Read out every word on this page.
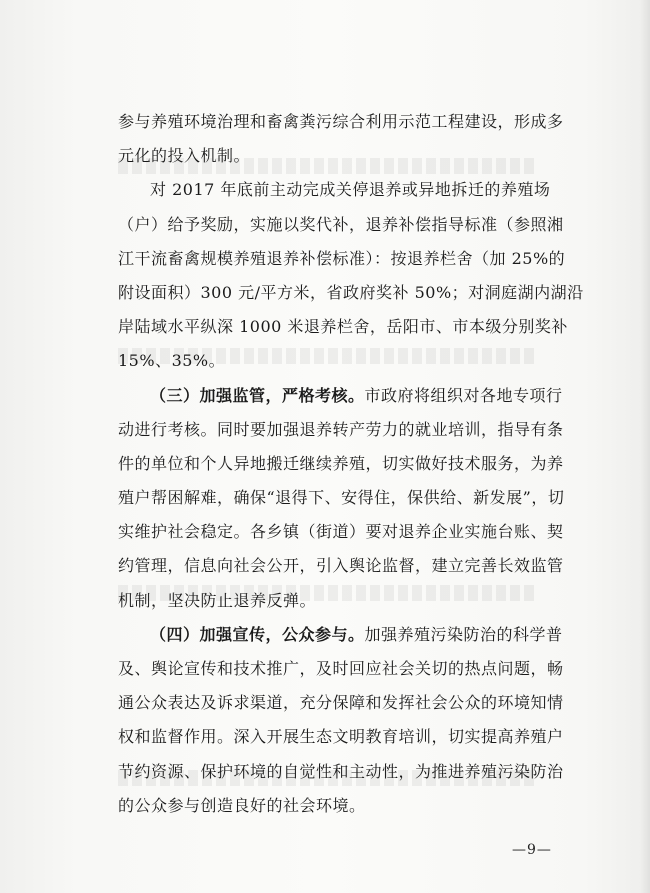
参与养殖环境治理和畜禽粪污综合利用示范工程建设，形成多
元化的投入机制。
对 2017 年底前主动完成关停退养或异地拆迁的养殖场
（户）给予奖励，实施以奖代补，退养补偿指导标准（参照湘
江干流畜禽规模养殖退养补偿标准）：按退养栏舍（加 25%的
附设面积）300 元/平方米，省政府奖补 50%；对洞庭湖内湖沿
岸陆域水平纵深 1000 米退养栏舍，岳阳市、市本级分别奖补
15%、35%。
（三）加强监管，严格考核。市政府将组织对各地专项行
动进行考核。同时要加强退养转产劳力的就业培训，指导有条
件的单位和个人异地搬迁继续养殖，切实做好技术服务，为养
殖户帮困解难，确保“退得下、安得住，保供给、新发展”，切
实维护社会稳定。各乡镇（街道）要对退养企业实施台账、契
约管理，信息向社会公开，引入舆论监督，建立完善长效监管
机制，坚决防止退养反弹。
（四）加强宣传，公众参与。加强养殖污染防治的科学普
及、舆论宣传和技术推广，及时回应社会关切的热点问题，畅
通公众表达及诉求渠道，充分保障和发挥社会公众的环境知情
权和监督作用。深入开展生态文明教育培训，切实提高养殖户
节约资源、保护环境的自觉性和主动性，为推进养殖污染防治
的公众参与创造良好的社会环境。
—9—
